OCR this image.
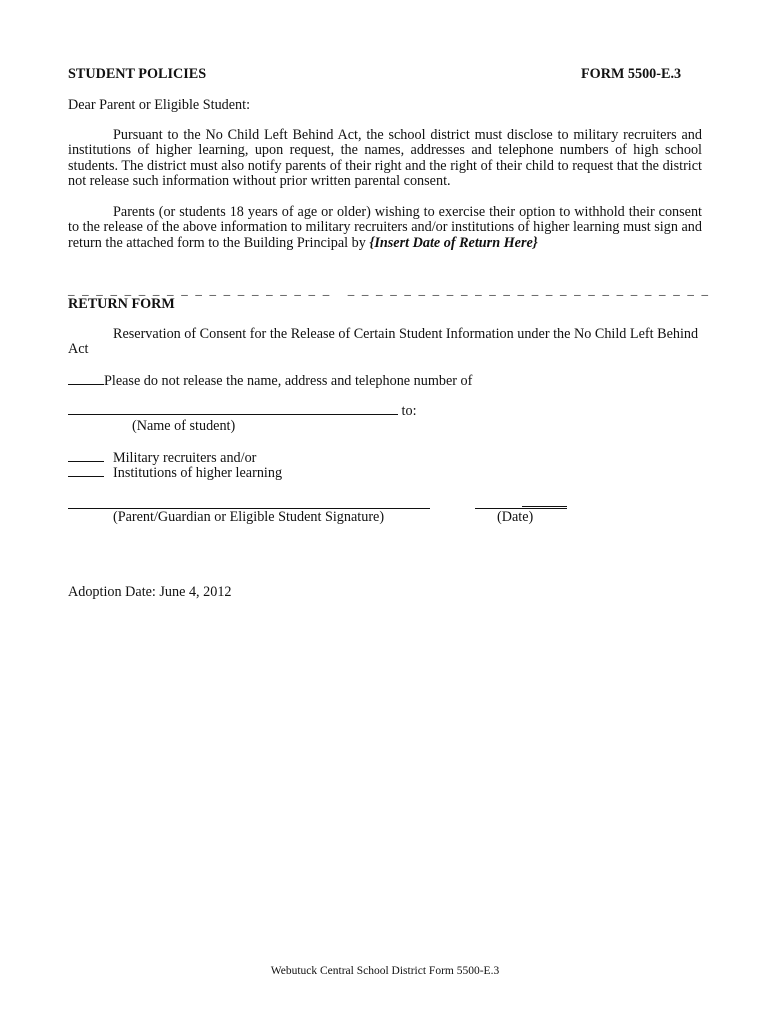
STUDENT POLICIES	FORM 5500-E.3

Dear Parent or Eligible Student:

Pursuant to the No Child Left Behind Act, the school district must disclose to military recruiters and institutions of higher learning, upon request, the names, addresses and telephone numbers of high school students. The district must also notify parents of their right and the right of their child to request that the district not release such information without prior written parental consent.

Parents (or students 18 years of age or older) wishing to exercise their option to withhold their consent to the release of the above information to military recruiters and/or institutions of higher learning must sign and return the attached form to the Building Principal by {Insert Date of Return Here}

_ _ _ _ _ _ _ _ _ _ _ _ _ _ _ _ _ _ _   _ _ _ _ _ _ _ _ _ _ _ _ _ _ _ _ _ _ _ _ _ _ _ _ _ _

RETURN FORM

Reservation of Consent for the Release of Certain Student Information under the No Child Left Behind Act

Please do not release the name, address and telephone number of

to:

(Name of student)

Military recruiters and/or

Institutions of higher learning

(Parent/Guardian or Eligible Student Signature)	(Date)

Adoption Date: June 4, 2012

Webutuck Central School District Form 5500-E.3
